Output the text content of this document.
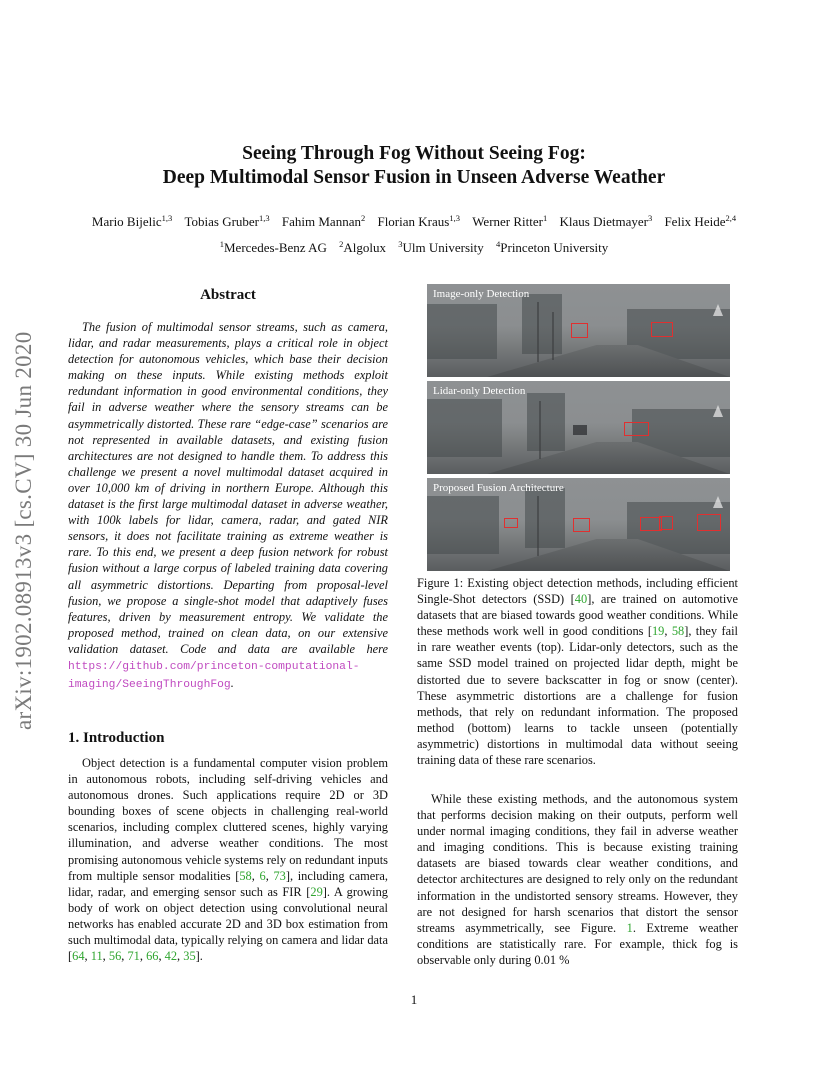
Seeing Through Fog Without Seeing Fog:
Deep Multimodal Sensor Fusion in Unseen Adverse Weather
Mario Bijelic$^{1,3}$ Tobias Gruber$^{1,3}$ Fahim Mannan$^2$ Florian Kraus$^{1,3}$ Werner Ritter$^1$ Klaus Dietmayer$^3$ Felix Heide$^{2,4}$
$^1$Mercedes-Benz AG $^2$Algolux $^3$Ulm University $^4$Princeton University
arXiv:1902.08913v3 [cs.CV] 30 Jun 2020
Abstract
The fusion of multimodal sensor streams, such as camera, lidar, and radar measurements, plays a critical role in object detection for autonomous vehicles, which base their decision making on these inputs. While existing methods exploit redundant information in good environmental conditions, they fail in adverse weather where the sensory streams can be asymmetrically distorted. These rare “edge-case” scenarios are not represented in available datasets, and existing fusion architectures are not designed to handle them. To address this challenge we present a novel multimodal dataset acquired in over 10,000 km of driving in northern Europe. Although this dataset is the first large multimodal dataset in adverse weather, with 100k labels for lidar, camera, radar, and gated NIR sensors, it does not facilitate training as extreme weather is rare. To this end, we present a deep fusion network for robust fusion without a large corpus of labeled training data covering all asymmetric distortions. Departing from proposal-level fusion, we propose a single-shot model that adaptively fuses features, driven by measurement entropy. We validate the proposed method, trained on clean data, on our extensive validation dataset. Code and data are available here https://github.com/princeton-computational-imaging/SeeingThroughFog.
1. Introduction
Object detection is a fundamental computer vision problem in autonomous robots, including self-driving vehicles and autonomous drones. Such applications require 2D or 3D bounding boxes of scene objects in challenging real-world scenarios, including complex cluttered scenes, highly varying illumination, and adverse weather conditions. The most promising autonomous vehicle systems rely on redundant inputs from multiple sensor modalities [58, 6, 73], including camera, lidar, radar, and emerging sensor such as FIR [29]. A growing body of work on object detection using convolutional neural networks has enabled accurate 2D and 3D box estimation from such multimodal data, typically relying on camera and lidar data [64, 11, 56, 71, 66, 42, 35].
Image-only Detection
Lidar-only Detection
Proposed Fusion Architecture
Figure 1: Existing object detection methods, including efficient Single-Shot detectors (SSD) [40], are trained on automotive datasets that are biased towards good weather conditions. While these methods work well in good conditions [19, 58], they fail in rare weather events (top). Lidar-only detectors, such as the same SSD model trained on projected lidar depth, might be distorted due to severe backscatter in fog or snow (center). These asymmetric distortions are a challenge for fusion methods, that rely on redundant information. The proposed method (bottom) learns to tackle unseen (potentially asymmetric) distortions in multimodal data without seeing training data of these rare scenarios.
While these existing methods, and the autonomous system that performs decision making on their outputs, perform well under normal imaging conditions, they fail in adverse weather and imaging conditions. This is because existing training datasets are biased towards clear weather conditions, and detector architectures are designed to rely only on the redundant information in the undistorted sensory streams. However, they are not designed for harsh scenarios that distort the sensor streams asymmetrically, see Figure. 1. Extreme weather conditions are statistically rare. For example, thick fog is observable only during 0.01 %
1
